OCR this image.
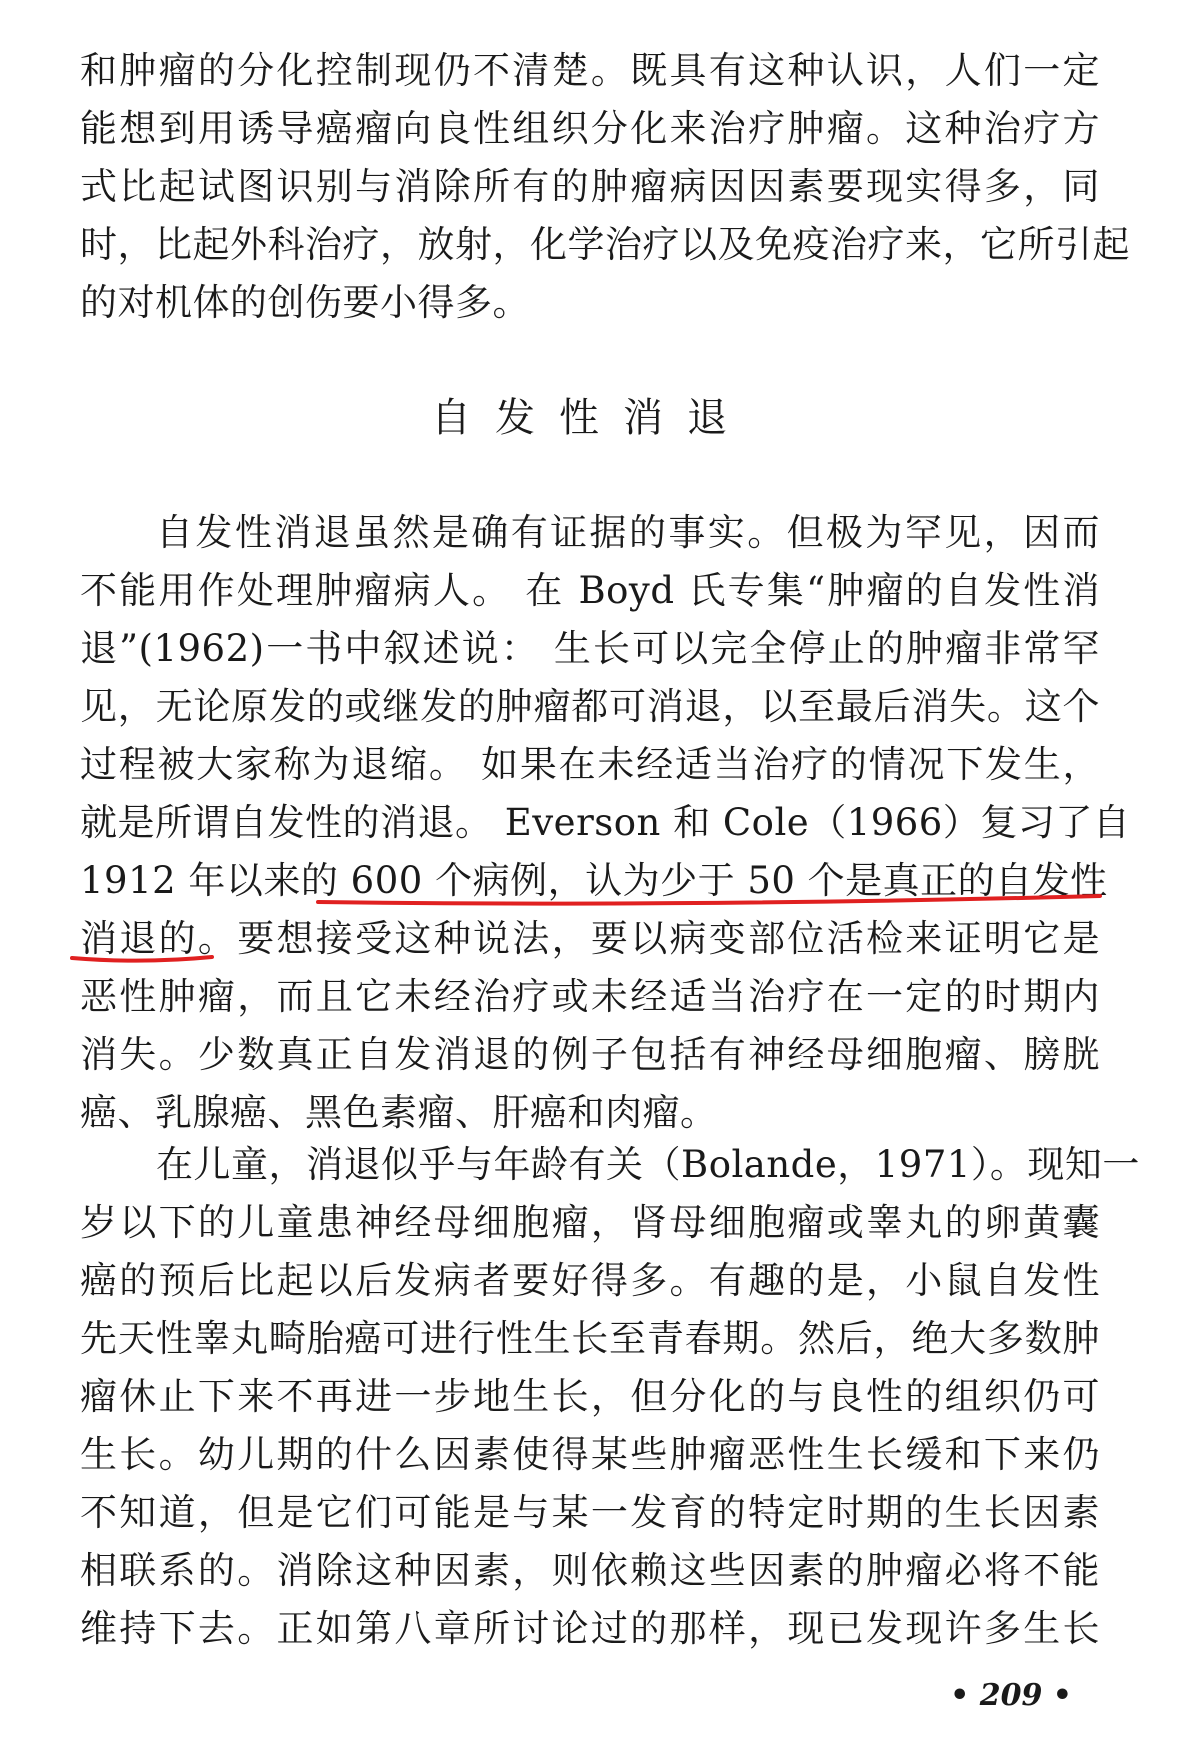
和肿瘤的分化控制现仍不清楚。既具有这种认识，人们一定
能想到用诱导癌瘤向良性组织分化来治疗肿瘤。这种治疗方
式比起试图识别与消除所有的肿瘤病因因素要现实得多，同
时，比起外科治疗，放射，化学治疗以及免疫治疗来，它所引起
的对机体的创伤要小得多。
自发性消退
自发性消退虽然是确有证据的事实。但极为罕见，因而
不能用作处理肿瘤病人。 在 Boyd 氏专集“肿瘤的自发性消
退”(1962)一书中叙述说： 生长可以完全停止的肿瘤非常罕
见，无论原发的或继发的肿瘤都可消退，以至最后消失。这个
过程被大家称为退缩。 如果在未经适当治疗的情况下发生，
就是所谓自发性的消退。 Everson 和 Cole（1966）复习了自
1912 年以来的 600 个病例，认为少于 50 个是真正的自发性
消退的。要想接受这种说法，要以病变部位活检来证明它是
恶性肿瘤，而且它未经治疗或未经适当治疗在一定的时期内
消失。少数真正自发消退的例子包括有神经母细胞瘤、膀胱
癌、乳腺癌、黑色素瘤、肝癌和肉瘤。
在儿童，消退似乎与年龄有关（Bolande，1971）。现知一
岁以下的儿童患神经母细胞瘤，肾母细胞瘤或睾丸的卵黄囊
癌的预后比起以后发病者要好得多。有趣的是，小鼠自发性
先天性睾丸畸胎癌可进行性生长至青春期。然后，绝大多数肿
瘤休止下来不再进一步地生长，但分化的与良性的组织仍可
生长。幼儿期的什么因素使得某些肿瘤恶性生长缓和下来仍
不知道，但是它们可能是与某一发育的特定时期的生长因素
相联系的。消除这种因素，则依赖这些因素的肿瘤必将不能
维持下去。正如第八章所讨论过的那样，现已发现许多生长
• 209 •
